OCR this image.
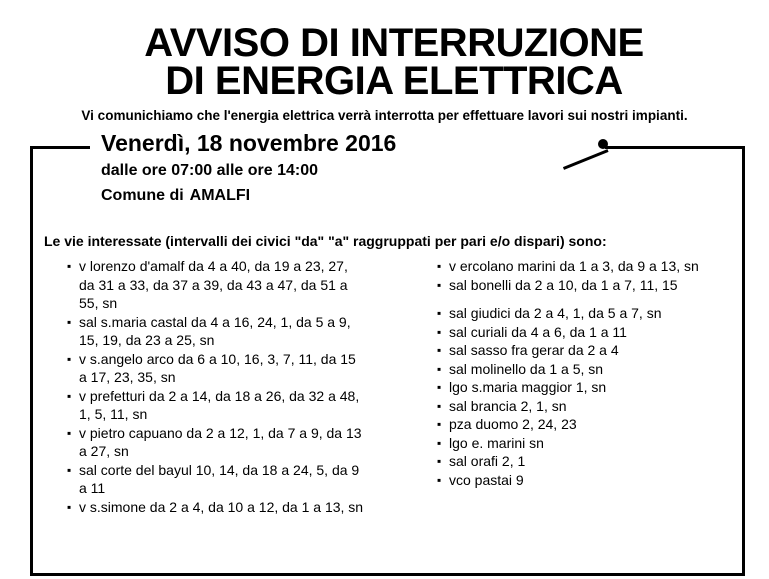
AVVISO DI INTERRUZIONE
DI ENERGIA ELETTRICA
Vi comunichiamo che l'energia elettrica verrà interrotta per effettuare lavori sui nostri impianti.
Venerdì, 18 novembre 2016
dalle ore 07:00 alle ore 14:00
Comune di AMALFI
Le vie interessate (intervalli dei civici "da" "a" raggruppati per pari e/o dispari) sono:
▪ v lorenzo d'amalf da 4 a 40, da 19 a 23, 27, da 31 a 33, da 37 a 39, da 43 a 47, da 51 a 55, sn
▪ sal s.maria castal da 4 a 16, 24, 1, da 5 a 9, 15, 19, da 23 a 25, sn
▪ v s.angelo arco da 6 a 10, 16, 3, 7, 11, da 15 a 17, 23, 35, sn
▪ v prefetturi da 2 a 14, da 18 a 26, da 32 a 48, 1, 5, 11, sn
▪ v pietro capuano da 2 a 12, 1, da 7 a 9, da 13 a 27, sn
▪ sal corte del bayul 10, 14, da 18 a 24, 5, da 9 a 11
▪ v s.simone da 2 a 4, da 10 a 12, da 1 a 13, sn
▪ v ercolano marini da 1 a 3, da 9 a 13, sn
▪ sal bonelli da 2 a 10, da 1 a 7, 11, 15
▪ sal giudici da 2 a 4, 1, da 5 a 7, sn
▪ sal curiali da 4 a 6, da 1 a 11
▪ sal sasso fra gerar da 2 a 4
▪ sal molinello da 1 a 5, sn
▪ lgo s.maria maggior 1, sn
▪ sal brancia 2, 1, sn
▪ pza duomo 2, 24, 23
▪ lgo e. marini sn
▪ sal orafi 2, 1
▪ vco pastai 9
